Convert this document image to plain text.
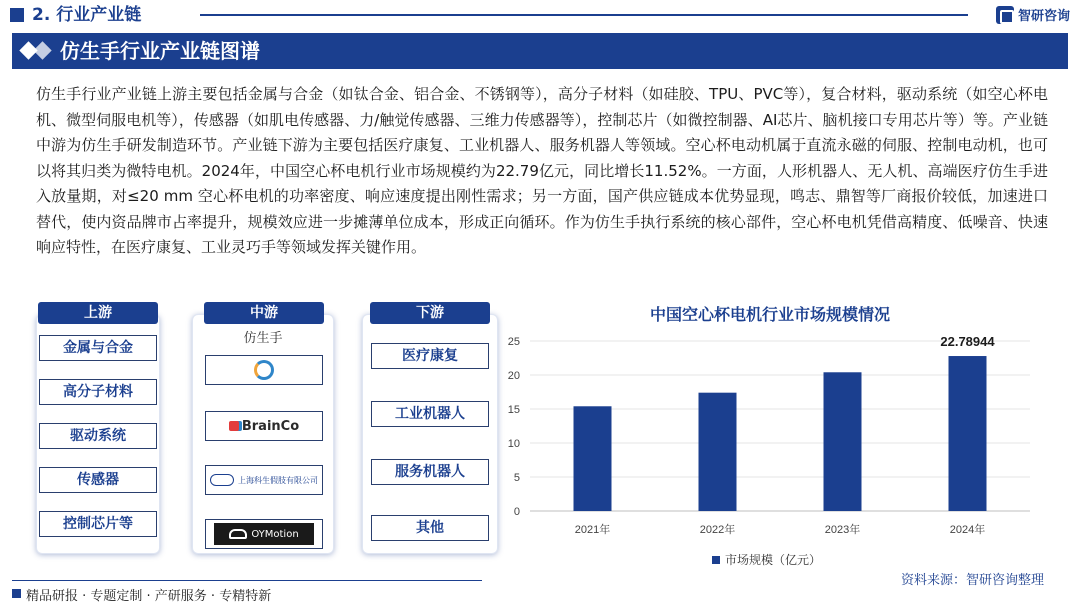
2. 行业产业链	智研咨询
仿生手行业产业链图谱
仿生手行业产业链上游主要包括金属与合金（如钛合金、铝合金、不锈钢等），高分子材料（如硅胶、TPU、PVC等），复合材料，驱动系统（如空心杯电机、微型伺服电机等），传感器（如肌电传感器、力/触觉传感器、三维力传感器等），控制芯片（如微控制器、AI芯片、脑机接口专用芯片等）等。产业链中游为仿生手研发制造环节。产业链下游为主要包括医疗康复、工业机器人、服务机器人等领域。空心杯电动机属于直流永磁的伺服、控制电动机，也可以将其归类为微特电机。2024年，中国空心杯电机行业市场规模约为22.79亿元，同比增长11.52%。一方面，人形机器人、无人机、高端医疗仿生手进入放量期，对≤20 mm 空心杯电机的功率密度、响应速度提出刚性需求；另一方面，国产供应链成本优势显现，鸣志、鼎智等厂商报价较低，加速进口替代，使内资品牌市占率提升，规模效应进一步摊薄单位成本，形成正向循环。作为仿生手执行系统的核心部件，空心杯电机凭借高精度、低噪音、快速响应特性，在医疗康复、工业灵巧手等领域发挥关键作用。
上游
金属与合金
高分子材料
驱动系统
传感器
控制芯片等
中游
仿生手
BrainCo
上海科生假肢有限公司
OYMotion
下游
医疗康复
工业机器人
服务机器人
其他
中国空心杯电机行业市场规模情况
0
5
10
15
20
25
2021年	2022年	2023年	2024年
22.78944
市场规模（亿元）
精品研报 · 专题定制 · 产研服务 · 专精特新
资料来源：智研咨询整理
